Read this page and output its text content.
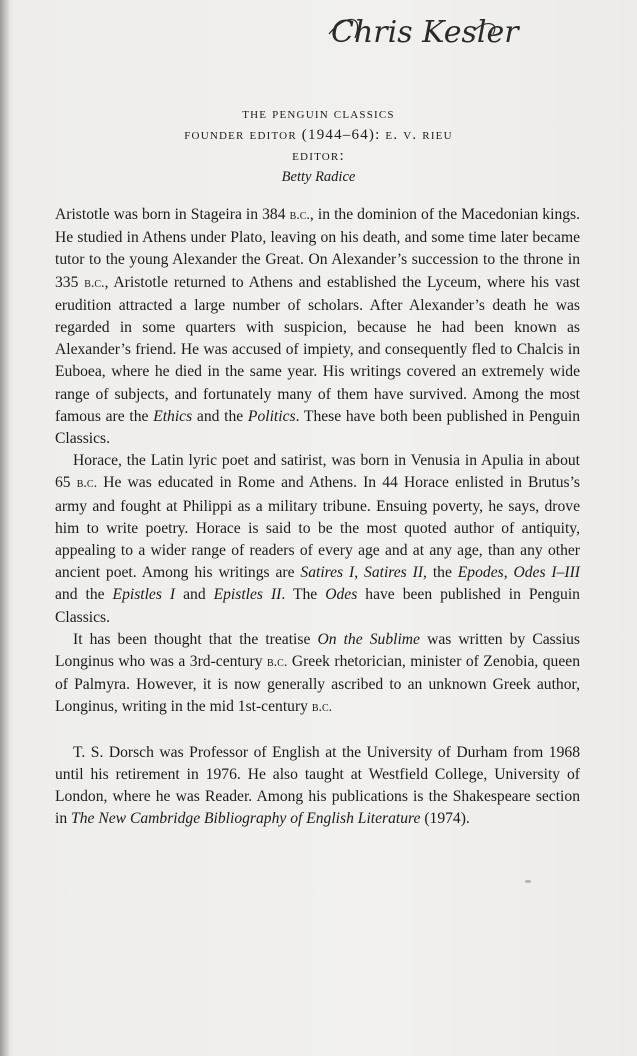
Chris Kesler
the penguin classics
founder editor (1944–64): e. v. rieu
editor:
Betty Radice

Aristotle was born in Stageira in 384 b.c., in the dominion of the Macedonian kings. He studied in Athens under Plato, leaving on his death, and some time later became tutor to the young Alexander the Great. On Alexander’s succession to the throne in 335 b.c., Aristotle returned to Athens and established the Lyceum, where his vast erudition attracted a large number of scholars. After Alexander’s death he was regarded in some quarters with suspicion, because he had been known as Alexander’s friend. He was accused of impiety, and consequently fled to Chalcis in Euboea, where he died in the same year. His writings covered an extremely wide range of subjects, and fortunately many of them have survived. Among the most famous are the Ethics and the Politics. These have both been published in Penguin Classics.

Horace, the Latin lyric poet and satirist, was born in Venusia in Apulia in about 65 b.c. He was educated in Rome and Athens. In 44 Horace enlisted in Brutus’s army and fought at Philippi as a military tribune. Ensuing poverty, he says, drove him to write poetry. Horace is said to be the most quoted author of antiquity, appealing to a wider range of readers of every age and at any age, than any other ancient poet. Among his writings are Satires I, Satires II, the Epodes, Odes I–III and the Epistles I and Epistles II. The Odes have been published in Penguin Classics.

It has been thought that the treatise On the Sublime was written by Cassius Longinus who was a 3rd-century b.c. Greek rhetorician, minister of Zenobia, queen of Palmyra. However, it is now generally ascribed to an unknown Greek author, Longinus, writing in the mid 1st-century b.c.

T. S. Dorsch was Professor of English at the University of Durham from 1968 until his retirement in 1976. He also taught at Westfield College, University of London, where he was Reader. Among his publications is the Shakespeare section in The New Cambridge Bibliography of English Literature (1974).
